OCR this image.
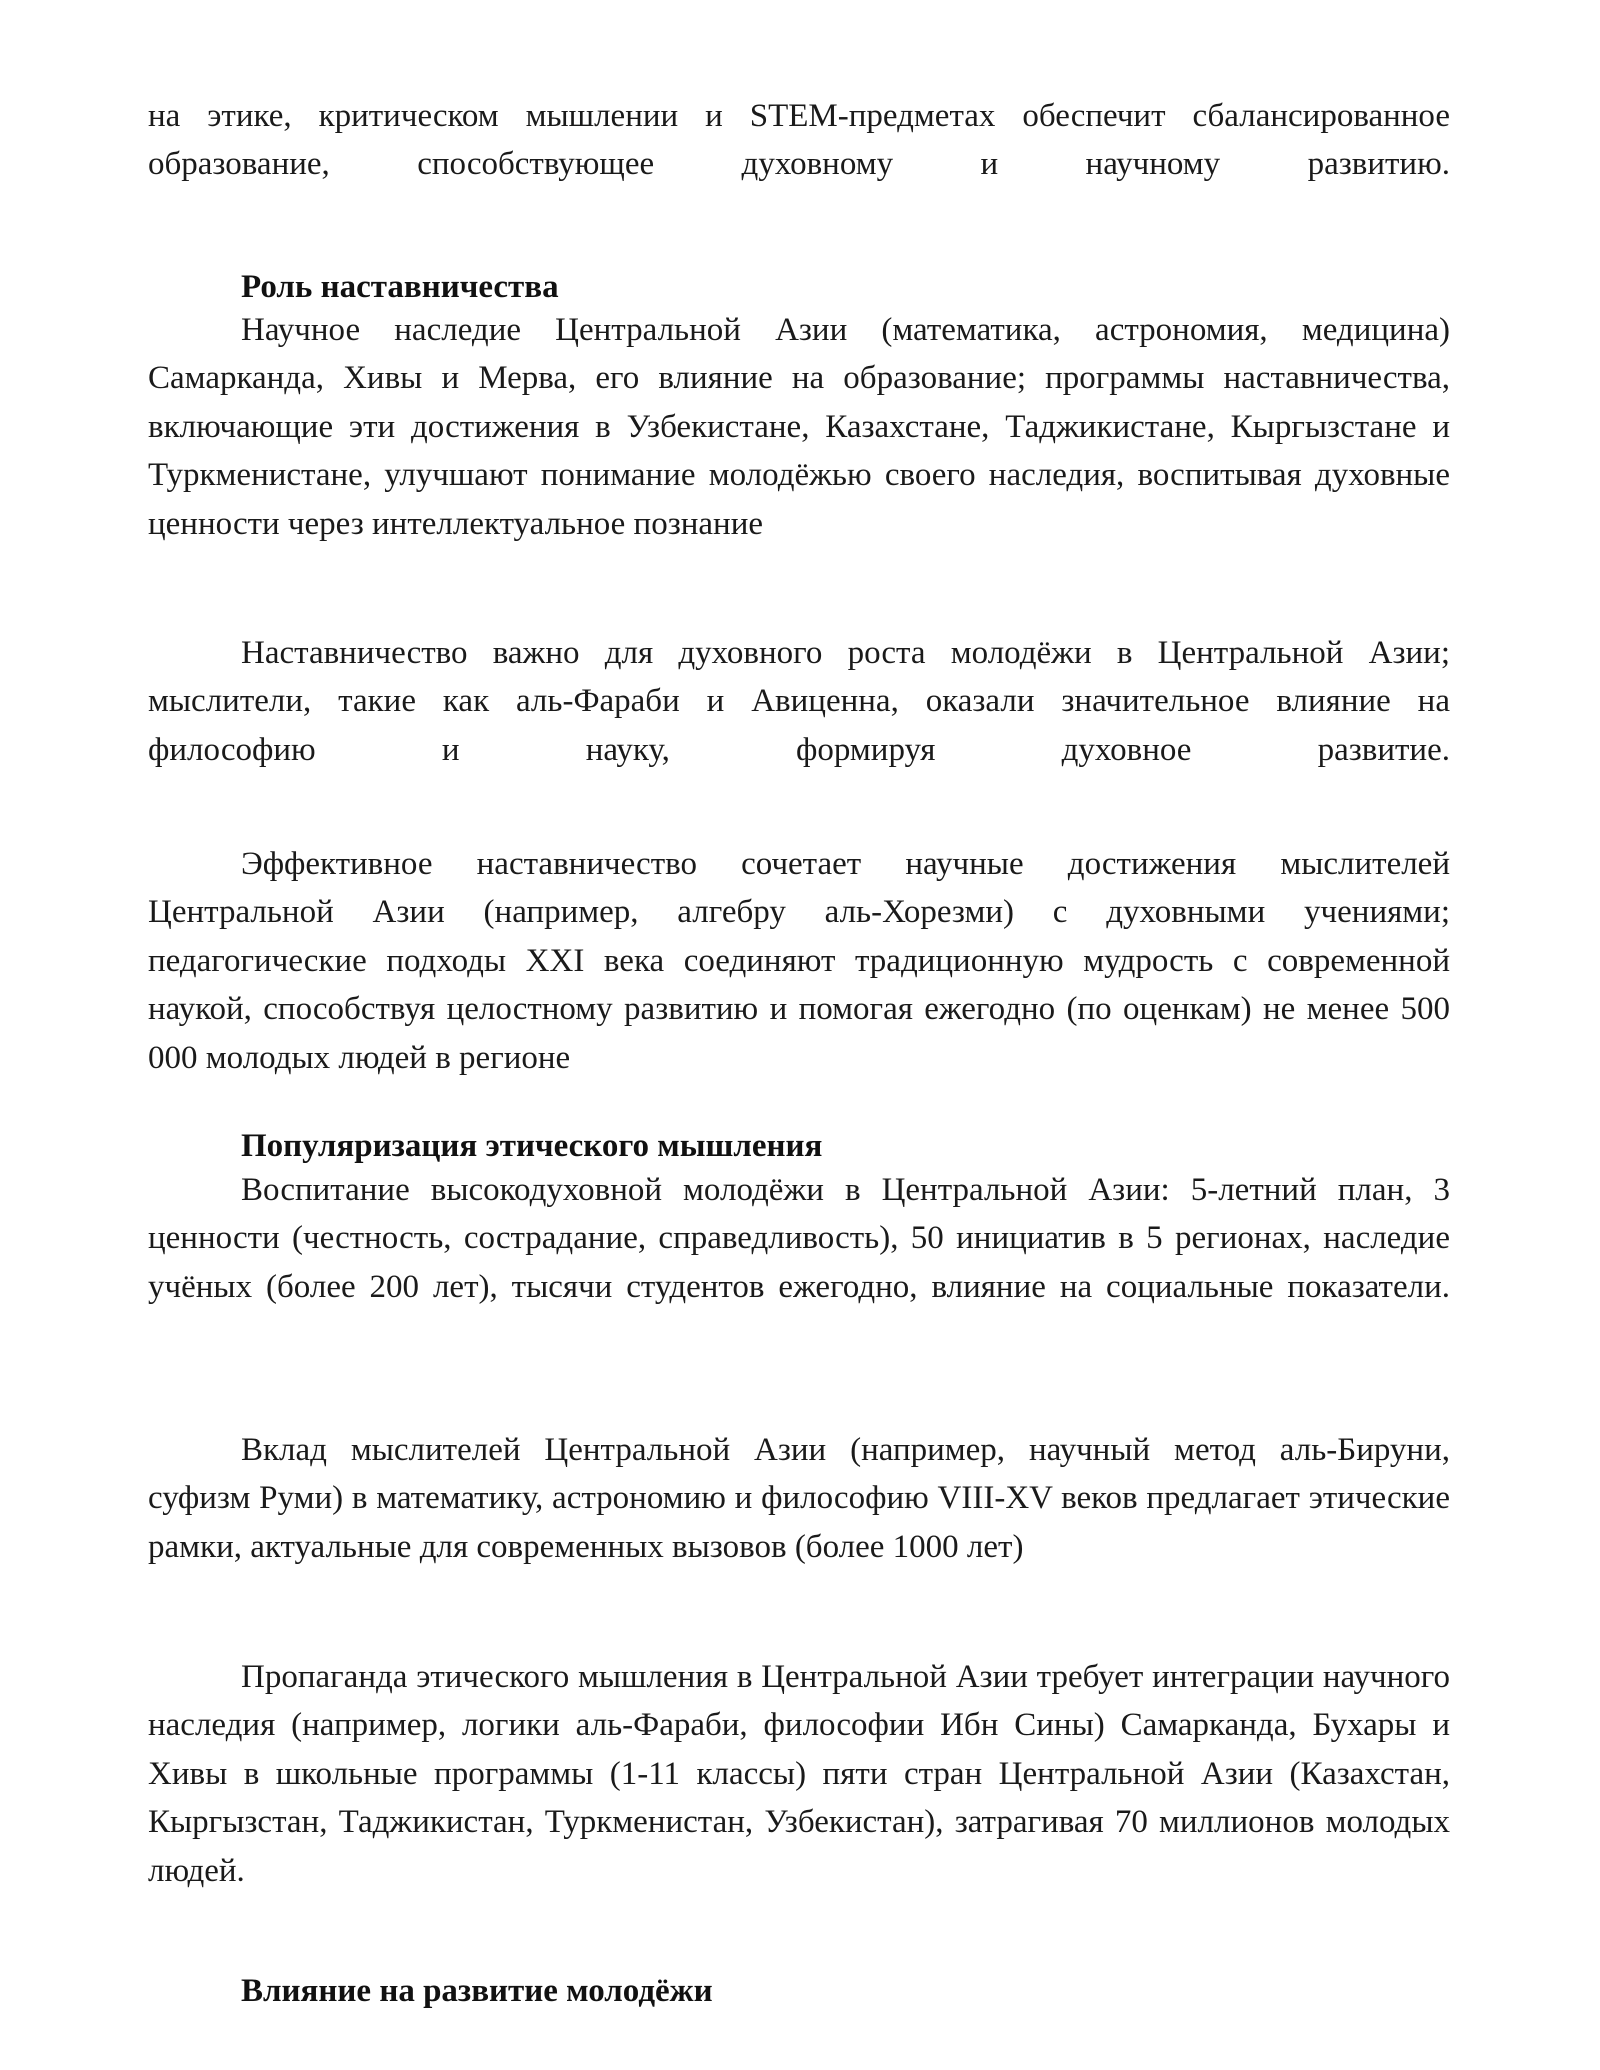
на этике, критическом мышлении и STEM-предметах обеспечит сбалансированное образование, способствующее духовному и научному развитию.

Роль наставничества

Научное наследие Центральной Азии (математика, астрономия, медицина) Самарканда, Хивы и Мерва, его влияние на образование; программы наставничества, включающие эти достижения в Узбекистане, Казахстане, Таджикистане, Кыргызстане и Туркменистане, улучшают понимание молодёжью своего наследия, воспитывая духовные ценности через интеллектуальное познание

Наставничество важно для духовного роста молодёжи в Центральной Азии; мыслители, такие как аль-Фараби и Авиценна, оказали значительное влияние на философию и науку, формируя духовное развитие.

Эффективное наставничество сочетает научные достижения мыслителей Центральной Азии (например, алгебру аль-Хорезми) с духовными учениями; педагогические подходы XXI века соединяют традиционную мудрость с современной наукой, способствуя целостному развитию и помогая ежегодно (по оценкам) не менее 500 000 молодых людей в регионе

Популяризация этического мышления

Воспитание высокодуховной молодёжи в Центральной Азии: 5-летний план, 3 ценности (честность, сострадание, справедливость), 50 инициатив в 5 регионах, наследие учёных (более 200 лет), тысячи студентов ежегодно, влияние на социальные показатели.

Вклад мыслителей Центральной Азии (например, научный метод аль-Бируни, суфизм Руми) в математику, астрономию и философию VIII-XV веков предлагает этические рамки, актуальные для современных вызовов (более 1000 лет)

Пропаганда этического мышления в Центральной Азии требует интеграции научного наследия (например, логики аль-Фараби, философии Ибн Сины) Самарканда, Бухары и Хивы в школьные программы (1-11 классы) пяти стран Центральной Азии (Казахстан, Кыргызстан, Таджикистан, Туркменистан, Узбекистан), затрагивая 70 миллионов молодых людей.

Влияние на развитие молодёжи
